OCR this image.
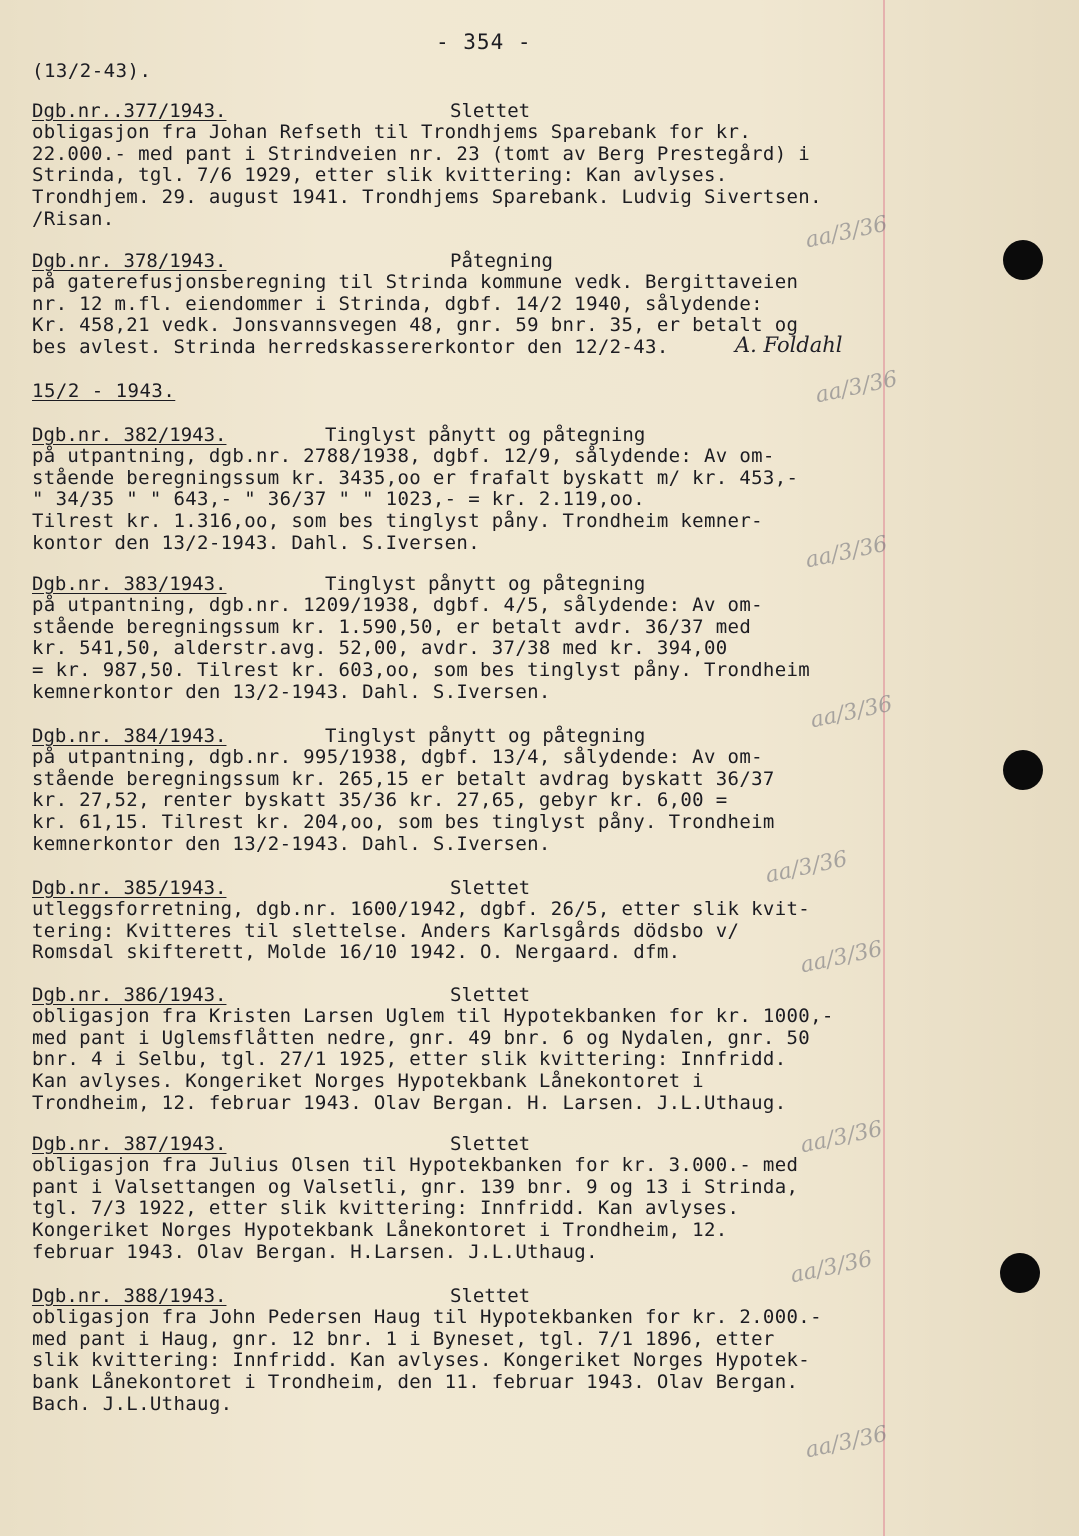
- 354 -
(13/2-43).
Dgb.nr..377/1943.	Slettet
obligasjon fra Johan Refseth til Trondhjems Sparebank for kr.
22.000.- med pant i Strindveien nr. 23 (tomt av Berg Prestegård) i
Strinda, tgl. 7/6 1929, etter slik kvittering: Kan avlyses.
Trondhjem. 29. august 1941. Trondhjems Sparebank. Ludvig Sivertsen.
/Risan.	aa/3/36
Dgb.nr. 378/1943.	Påtegning
på gaterefusjonsberegning til Strinda kommune vedk. Bergittaveien
nr. 12 m.fl. eiendommer i Strinda, dgbf. 14/2 1940, sålydende:
Kr. 458,21 vedk. Jonsvannsvegen 48, gnr. 59 bnr. 35, er betalt og
bes avlest. Strinda herredskassererkontor den 12/2-43.	A. Foldahl
aa/3/36
15/2 - 1943.
Dgb.nr. 382/1943.	Tinglyst pånytt og påtegning
på utpantning, dgb.nr. 2788/1938, dgbf. 12/9, sålydende: Av om-
stående beregningssum kr. 3435,oo er frafalt byskatt m/ kr. 453,-
" 34/35 " " 643,- " 36/37 " " 1023,- = kr. 2.119,oo.
Tilrest kr. 1.316,oo, som bes tinglyst påny. Trondheim kemner-
kontor den 13/2-1943. Dahl. S.Iversen.	aa/3/36
Dgb.nr. 383/1943.	Tinglyst pånytt og påtegning
på utpantning, dgb.nr. 1209/1938, dgbf. 4/5, sålydende: Av om-
stående beregningssum kr. 1.590,50, er betalt avdr. 36/37 med
kr. 541,50, alderstr.avg. 52,00, avdr. 37/38 med kr. 394,00
= kr. 987,50. Tilrest kr. 603,oo, som bes tinglyst påny. Trondheim
kemnerkontor den 13/2-1943. Dahl. S.Iversen.	aa/3/36
Dgb.nr. 384/1943.	Tinglyst pånytt og påtegning
på utpantning, dgb.nr. 995/1938, dgbf. 13/4, sålydende: Av om-
stående beregningssum kr. 265,15 er betalt avdrag byskatt 36/37
kr. 27,52, renter byskatt 35/36 kr. 27,65, gebyr kr. 6,00 =
kr. 61,15. Tilrest kr. 204,oo, som bes tinglyst påny. Trondheim
kemnerkontor den 13/2-1943. Dahl. S.Iversen.
aa/3/36
Dgb.nr. 385/1943.	Slettet
utleggsforretning, dgb.nr. 1600/1942, dgbf. 26/5, etter slik kvit-
tering: Kvitteres til slettelse. Anders Karlsgårds dödsbo v/
Romsdal skifterett, Molde 16/10 1942. O. Nergaard. dfm.	aa/3/36
Dgb.nr. 386/1943.	Slettet
obligasjon fra Kristen Larsen Uglem til Hypotekbanken for kr. 1000,-
med pant i Uglemsflåtten nedre, gnr. 49 bnr. 6 og Nydalen, gnr. 50
bnr. 4 i Selbu, tgl. 27/1 1925, etter slik kvittering: Innfridd.
Kan avlyses. Kongeriket Norges Hypotekbank Lånekontoret i
Trondheim, 12. februar 1943. Olav Bergan. H. Larsen. J.L.Uthaug.
Dgb.nr. 387/1943.	Slettet
obligasjon fra Julius Olsen til Hypotekbanken for kr. 3.000.- med
pant i Valsettangen og Valsetli, gnr. 139 bnr. 9 og 13 i Strinda,
tgl. 7/3 1922, etter slik kvittering: Innfridd. Kan avlyses.
Kongeriket Norges Hypotekbank Lånekontoret i Trondheim, 12.
februar 1943. Olav Bergan. H.Larsen. J.L.Uthaug.
aa/3/36
Dgb.nr. 388/1943.	Slettet
obligasjon fra John Pedersen Haug til Hypotekbanken for kr. 2.000.-
med pant i Haug, gnr. 12 bnr. 1 i Byneset, tgl. 7/1 1896, etter
slik kvittering: Innfridd. Kan avlyses. Kongeriket Norges Hypotek-
bank Lånekontoret i Trondheim, den 11. februar 1943. Olav Bergan.
Bach. J.L.Uthaug.
aa/3/36
aa/3/36
